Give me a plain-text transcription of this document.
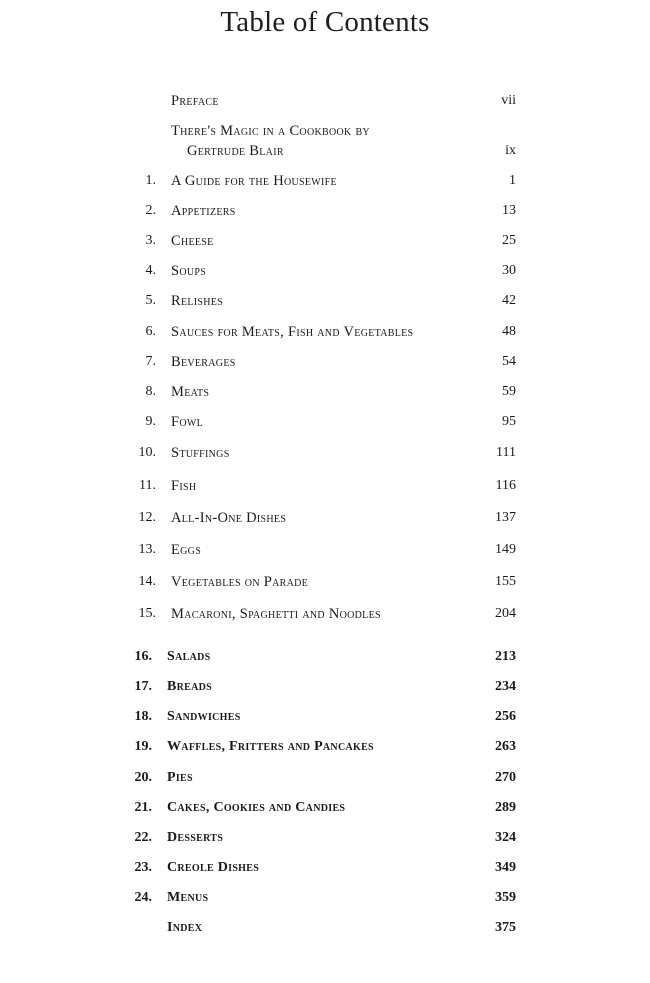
Table of Contents
Preface	vii
There's Magic in a Cookbook by
Gertrude Blair	ix
1. A Guide for the Housewife	1
2. Appetizers	13
3. Cheese	25
4. Soups	30
5. Relishes	42
6. Sauces for Meats, Fish and Vegetables	48
7. Beverages	54
8. Meats	59
9. Fowl	95
10. Stuffings	111
11. Fish	116
12. All-In-One Dishes	137
13. Eggs	149
14. Vegetables on Parade	155
15. Macaroni, Spaghetti and Noodles	204
16. Salads	213
17. Breads	234
18. Sandwiches	256
19. Waffles, Fritters and Pancakes	263
20. Pies	270
21. Cakes, Cookies and Candies	289
22. Desserts	324
23. Creole Dishes	349
24. Menus	359
Index	375
